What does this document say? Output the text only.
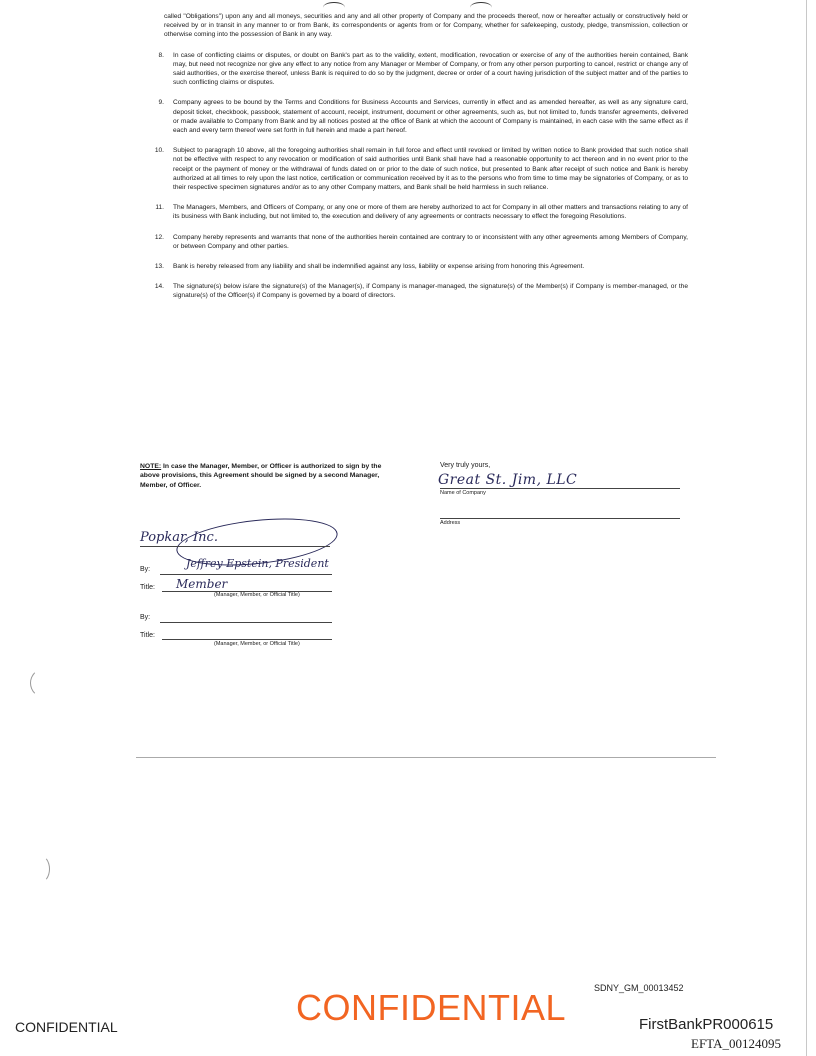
called "Obligations") upon any and all moneys, securities and any and all other property of Company and the proceeds thereof, now or hereafter actually or constructively held or received by or in transit in any manner to or from Bank, its correspondents or agents from or for Company, whether for safekeeping, custody, pledge, transmission, collection or otherwise coming into the possession of Bank in any way.
8.	In case of conflicting claims or disputes, or doubt on Bank's part as to the validity, extent, modification, revocation or exercise of any of the authorities herein contained, Bank may, but need not recognize nor give any effect to any notice from any Manager or Member of Company, or from any other person purporting to cancel, restrict or change any of said authorities, or the exercise thereof, unless Bank is required to do so by the judgment, decree or order of a court having jurisdiction of the subject matter and of the parties to such conflicting claims or disputes.
9.	Company agrees to be bound by the Terms and Conditions for Business Accounts and Services, currently in effect and as amended hereafter, as well as any signature card, deposit ticket, checkbook, passbook, statement of account, receipt, instrument, document or other agreements, such as, but not limited to, funds transfer agreements, delivered or made available to Company from Bank and by all notices posted at the office of Bank at which the account of Company is maintained, in each case with the same effect as if each and every term thereof were set forth in full herein and made a part hereof.
10.	Subject to paragraph 10 above, all the foregoing authorities shall remain in full force and effect until revoked or limited by written notice to Bank provided that such notice shall not be effective with respect to any revocation or modification of said authorities until Bank shall have had a reasonable opportunity to act thereon and in no event prior to the receipt or the payment of money or the withdrawal of funds dated on or prior to the date of such notice, but presented to Bank after receipt of such notice and Bank is hereby authorized at all times to rely upon the last notice, certification or communication received by it as to the persons who from time to time may be signatories of Company, or as to their respective specimen signatures and/or as to any other Company matters, and Bank shall be held harmless in such reliance.
11.	The Managers, Members, and Officers of Company, or any one or more of them are hereby authorized to act for Company in all other matters and transactions relating to any of its business with Bank including, but not limited to, the execution and delivery of any agreements or contracts necessary to effect the foregoing Resolutions.
12.	Company hereby represents and warrants that none of the authorities herein contained are contrary to or inconsistent with any other agreements among Members of Company, or between Company and other parties.
13.	Bank is hereby released from any liability and shall be indemnified against any loss, liability or expense arising from honoring this Agreement.
14.	The signature(s) below is/are the signature(s) of the Manager(s), if Company is manager-managed, the signature(s) of the Member(s) if Company is member-managed, or the signature(s) of the Officer(s) if Company is governed by a board of directors.
NOTE: In case the Manager, Member, or Officer is authorized to sign by the above provisions, this Agreement should be signed by a second Manager, Member, of Officer.
Very truly yours,
Great St. Jim, LLC
Name of Company
Address
Popkar, Inc.
By:	Jeffrey Epstein, President
Title: Member
(Manager, Member, or Official Title)
By:
Title:
(Manager, Member, or Official Title)
CONFIDENTIAL	CONFIDENTIAL	SDNY_GM_00013452
FirstBankPR000615
EFTA_00124095
